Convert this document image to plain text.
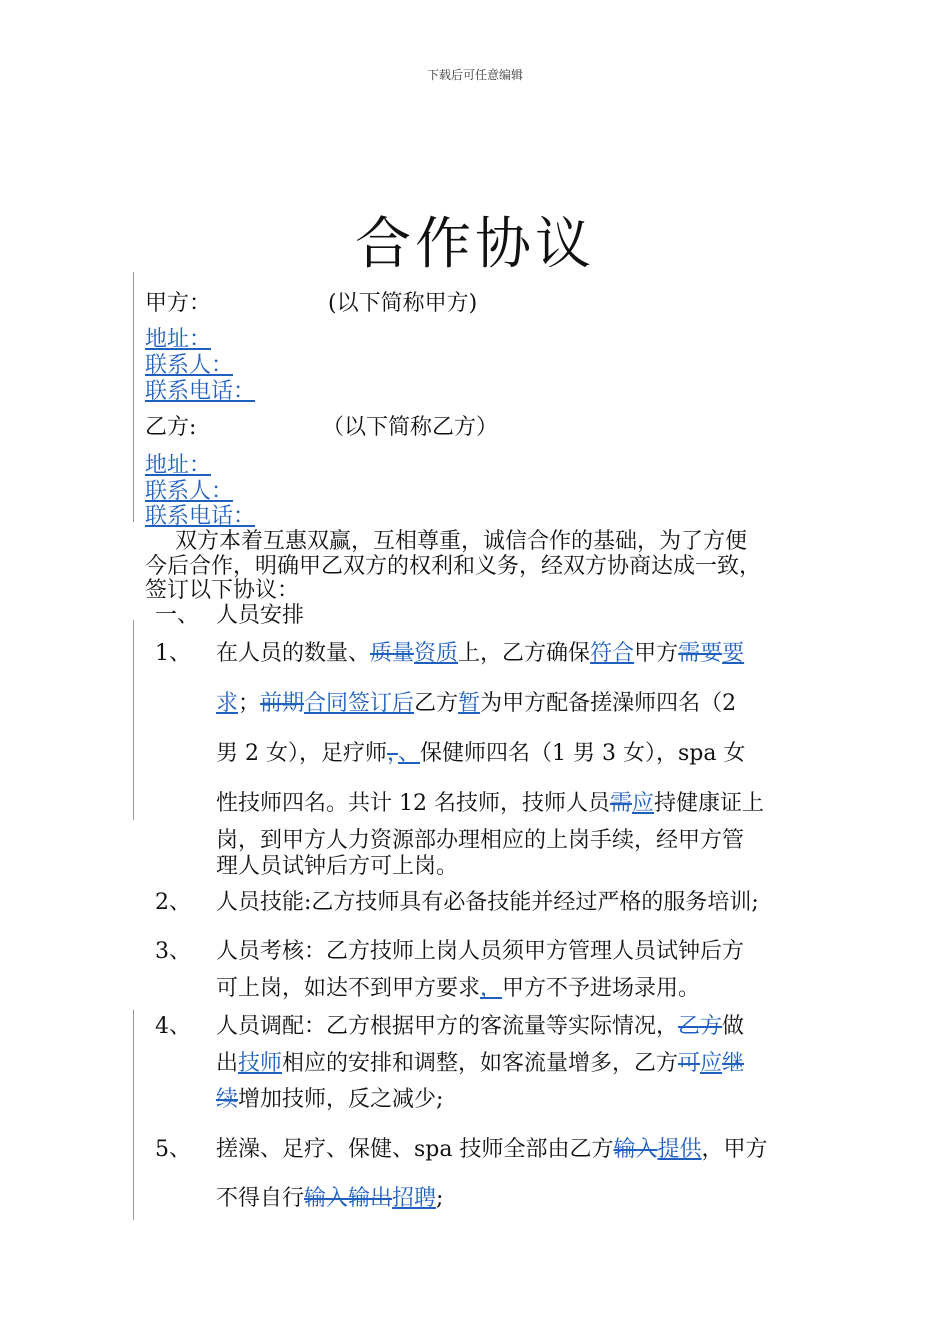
下载后可任意编辑
合作协议
甲方：	(以下简称甲方)
地址：
联系人：
联系电话：
乙方:	（以下简称乙方）
地址：
联系人：
联系电话：
双方本着互惠双赢，互相尊重，诚信合作的基础，为了方便
今后合作，明确甲乙双方的权利和义务，经双方协商达成一致，
签订以下协议：
一、 人员安排
1、 在人员的数量、质量资质上，乙方确保符合甲方需要要
求；前期合同签订后乙方暂为甲方配备搓澡师四名（2
男 2 女），足疗师，、保健师四名（1 男 3 女），spa 女
性技师四名。共计 12 名技师，技师人员需应持健康证上
岗，到甲方人力资源部办理相应的上岗手续，经甲方管
理人员试钟后方可上岗。
2、 人员技能:乙方技师具有必备技能并经过严格的服务培训;
3、 人员考核：乙方技师上岗人员须甲方管理人员试钟后方
可上岗，如达不到甲方要求，甲方不予进场录用。
4、 人员调配：乙方根据甲方的客流量等实际情况，乙方做
出技师相应的安排和调整，如客流量增多，乙方可应继
续增加技师，反之减少;
5、 搓澡、足疗、保健、spa 技师全部由乙方输入提供，甲方
不得自行输入输出招聘;
